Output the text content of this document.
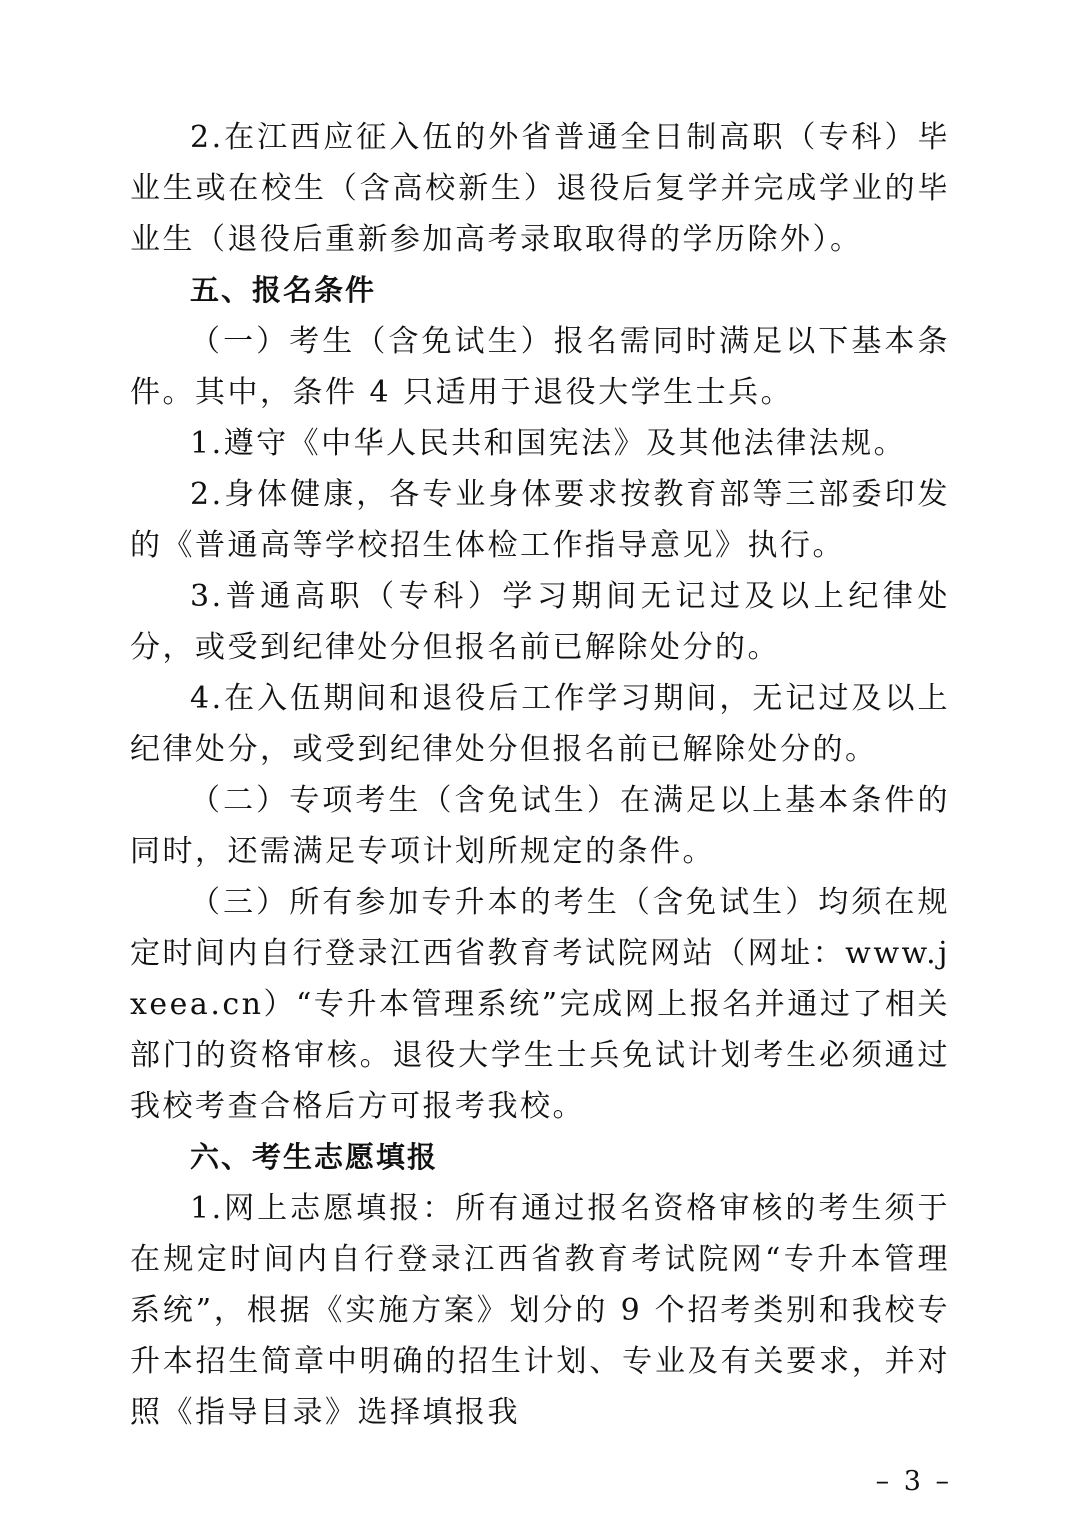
2.在江西应征入伍的外省普通全日制高职（专科）毕业生或在校生（含高校新生）退役后复学并完成学业的毕业生（退役后重新参加高考录取取得的学历除外）。

五、报名条件

（一）考生（含免试生）报名需同时满足以下基本条件。其中，条件 4 只适用于退役大学生士兵。

1.遵守《中华人民共和国宪法》及其他法律法规。

2.身体健康，各专业身体要求按教育部等三部委印发的《普通高等学校招生体检工作指导意见》执行。

3.普通高职（专科）学习期间无记过及以上纪律处分，或受到纪律处分但报名前已解除处分的。

4.在入伍期间和退役后工作学习期间，无记过及以上纪律处分，或受到纪律处分但报名前已解除处分的。

（二）专项考生（含免试生）在满足以上基本条件的同时，还需满足专项计划所规定的条件。

（三）所有参加专升本的考生（含免试生）均须在规定时间内自行登录江西省教育考试院网站（网址：www.jxeea.cn）“专升本管理系统”完成网上报名并通过了相关部门的资格审核。退役大学生士兵免试计划考生必须通过我校考查合格后方可报考我校。

六、考生志愿填报

1.网上志愿填报：所有通过报名资格审核的考生须于在规定时间内自行登录江西省教育考试院网“专升本管理系统”，根据《实施方案》划分的 9 个招考类别和我校专升本招生简章中明确的招生计划、专业及有关要求，并对照《指导目录》选择填报我

– 3 –
